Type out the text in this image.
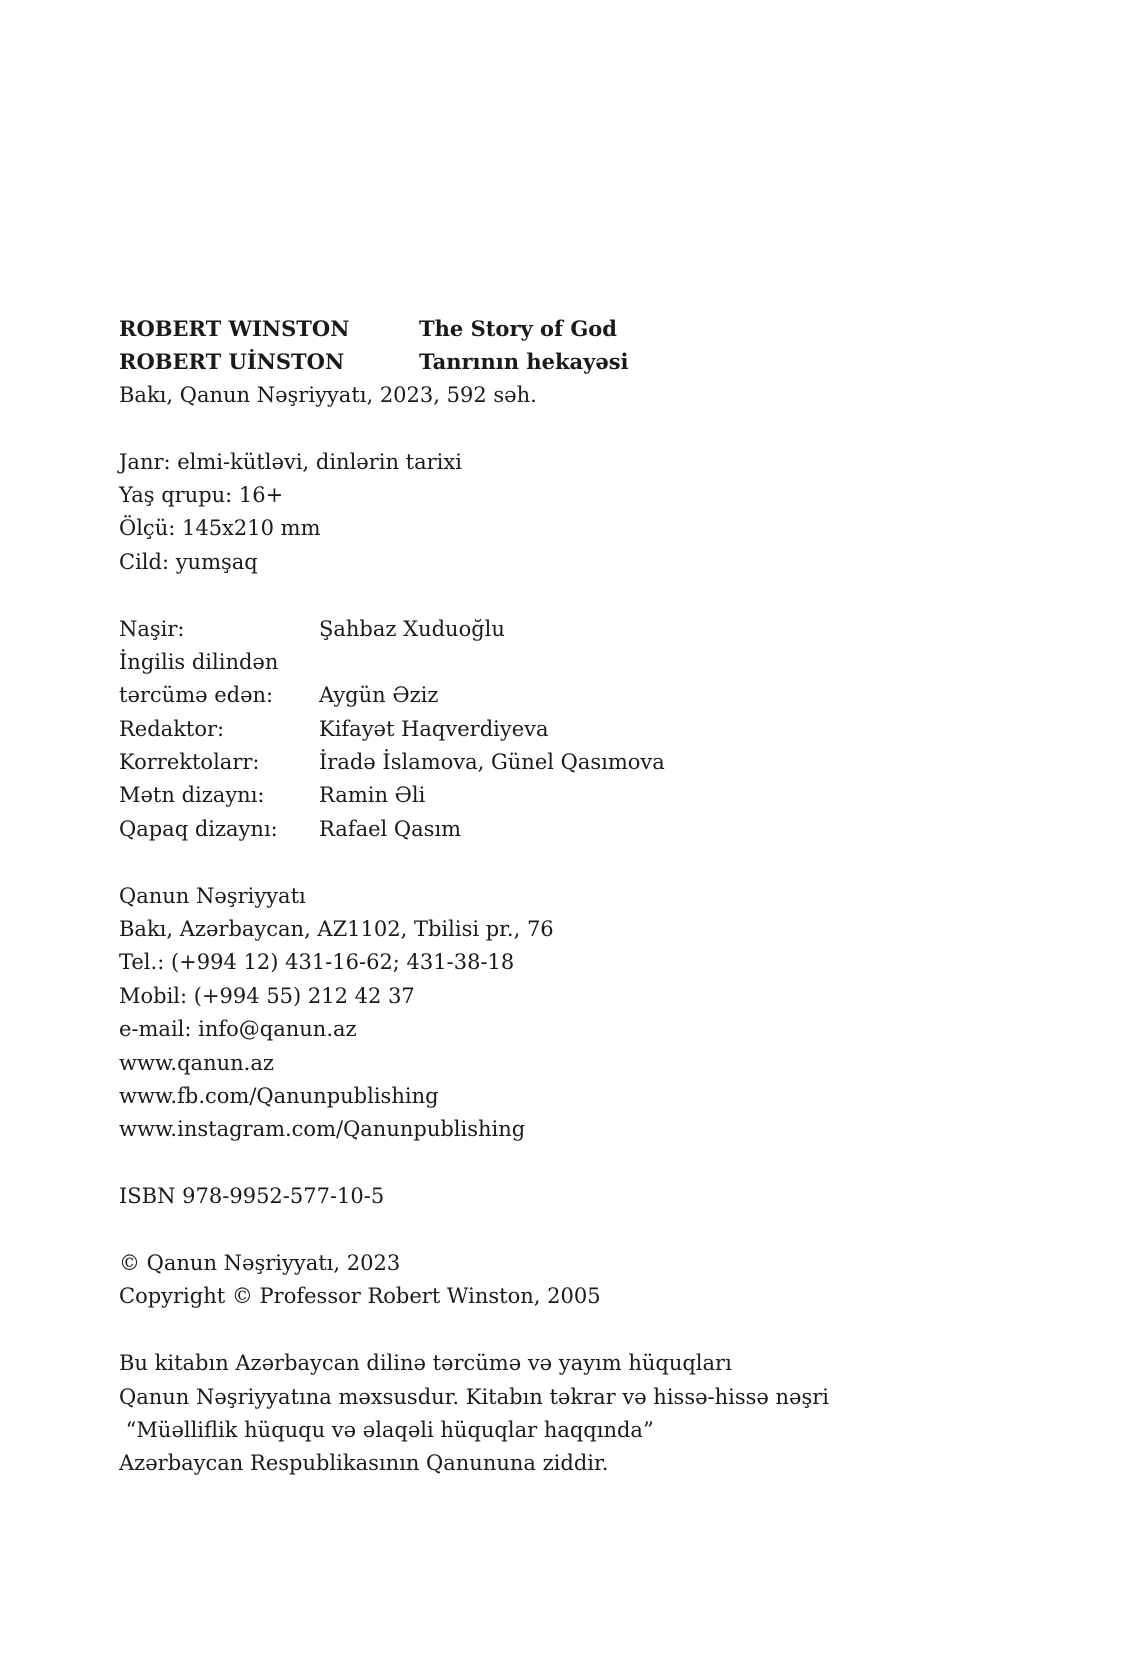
ROBERT WINSTON	The Story of God
ROBERT UİNSTON	Tanrının hekayəsi
Bakı, Qanun Nəşriyyatı, 2023, 592 səh.
Janr: elmi-kütləvi, dinlərin tarixi
Yaş qrupu: 16+
Ölçü: 145x210 mm
Cild: yumşaq
Naşir:	Şahbaz Xuduoğlu
İngilis dilindən
tərcümə edən:	Aygün Əziz
Redaktor:	Kifayət Haqverdiyeva
Korrektolarr:	İradə İslamova, Günel Qasımova
Mətn dizaynı:	Ramin Əli
Qapaq dizaynı:	Rafael Qasım
Qanun Nəşriyyatı
Bakı, Azərbaycan, AZ1102, Tbilisi pr., 76
Tel.: (+994 12) 431-16-62; 431-38-18
Mobil: (+994 55) 212 42 37
e-mail: info@qanun.az
www.qanun.az
www.fb.com/Qanunpublishing
www.instagram.com/Qanunpublishing
ISBN 978-9952-577-10-5
© Qanun Nəşriyyatı, 2023
Copyright © Professor Robert Winston, 2005
Bu kitabın Azərbaycan dilinə tərcümə və yayım hüquqları
Qanun Nəşriyyatına məxsusdur. Kitabın təkrar və hissə-hissə nəşri
“Müəlliflik hüququ və əlaqəli hüquqlar haqqında”
Azərbaycan Respublikasının Qanununa ziddir.
